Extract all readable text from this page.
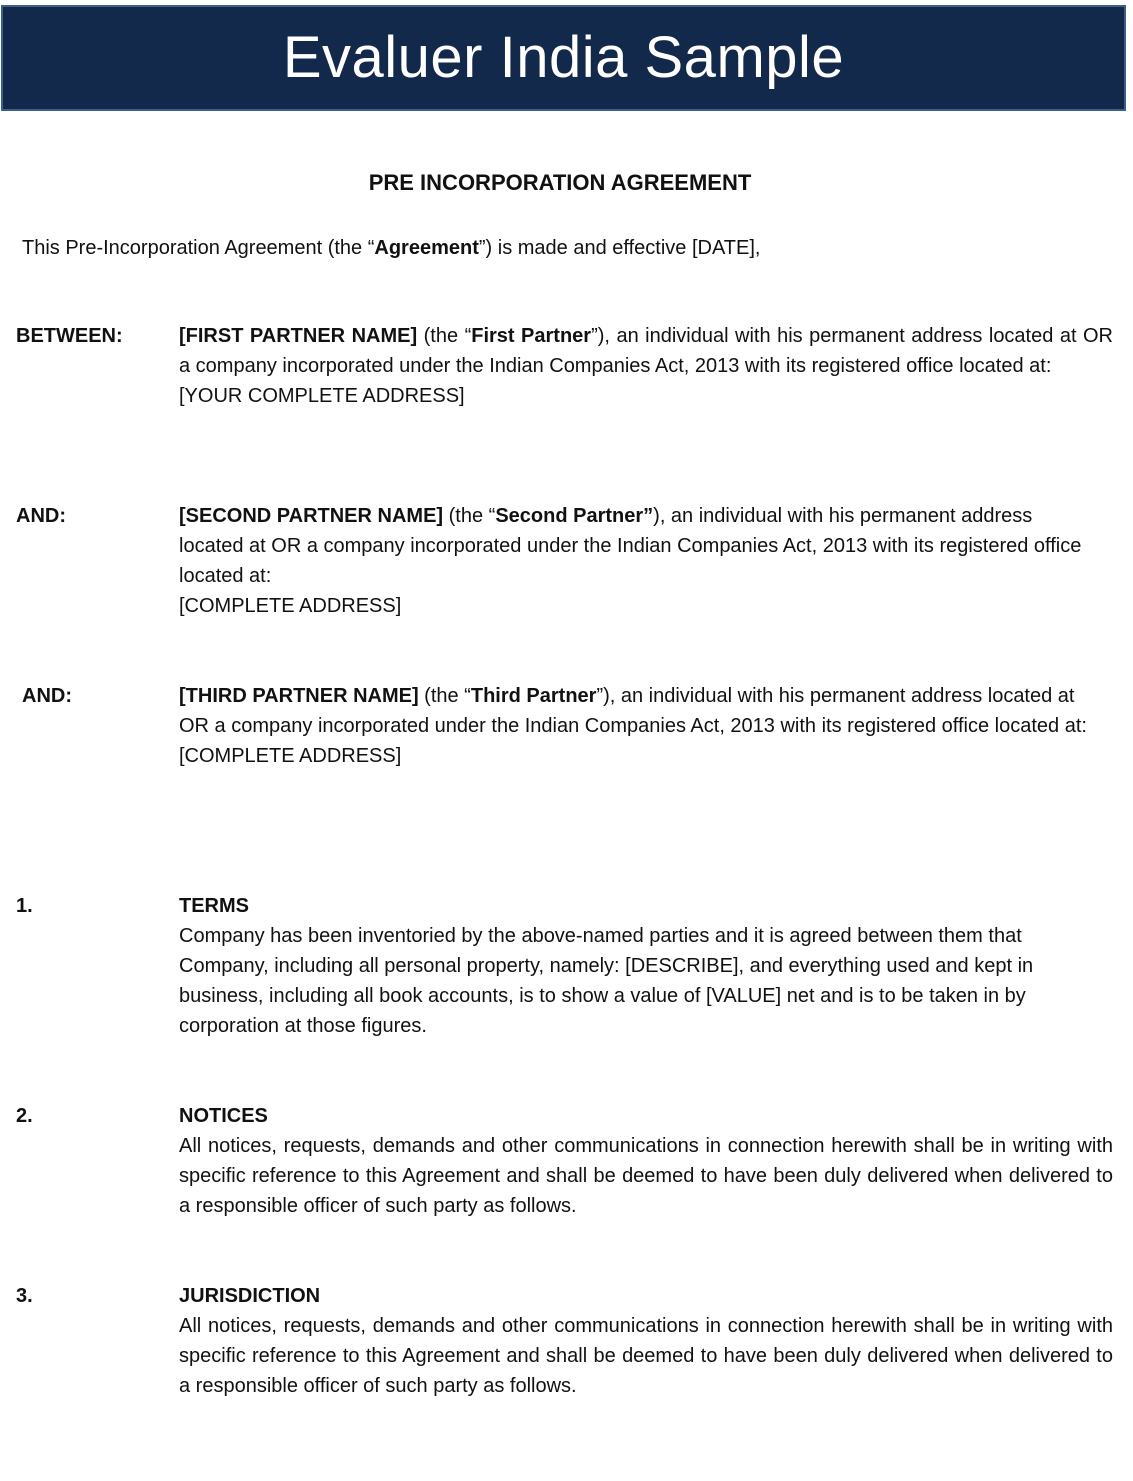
Evaluer India Sample
PRE INCORPORATION AGREEMENT
This Pre-Incorporation Agreement (the “Agreement”) is made and effective [DATE],
BETWEEN:	[FIRST PARTNER NAME] (the “First Partner”), an individual with his permanent address located at OR a company incorporated under the Indian Companies Act, 2013 with its registered office located at:
[YOUR COMPLETE ADDRESS]
AND:	[SECOND PARTNER NAME] (the “Second Partner”), an individual with his permanent address located at OR a company incorporated under the Indian Companies Act, 2013 with its registered office located at:
[COMPLETE ADDRESS]
AND:	[THIRD PARTNER NAME] (the “Third Partner”), an individual with his permanent address located at OR a company incorporated under the Indian Companies Act, 2013 with its registered office located at:
[COMPLETE ADDRESS]
1.	TERMS
Company has been inventoried by the above-named parties and it is agreed between them that Company, including all personal property, namely: [DESCRIBE], and everything used and kept in business, including all book accounts, is to show a value of [VALUE] net and is to be taken in by corporation at those figures.
2.	NOTICES
All notices, requests, demands and other communications in connection herewith shall be in writing with specific reference to this Agreement and shall be deemed to have been duly delivered when delivered to a responsible officer of such party as follows.
3.	JURISDICTION
All notices, requests, demands and other communications in connection herewith shall be in writing with specific reference to this Agreement and shall be deemed to have been duly delivered when delivered to a responsible officer of such party as follows.
